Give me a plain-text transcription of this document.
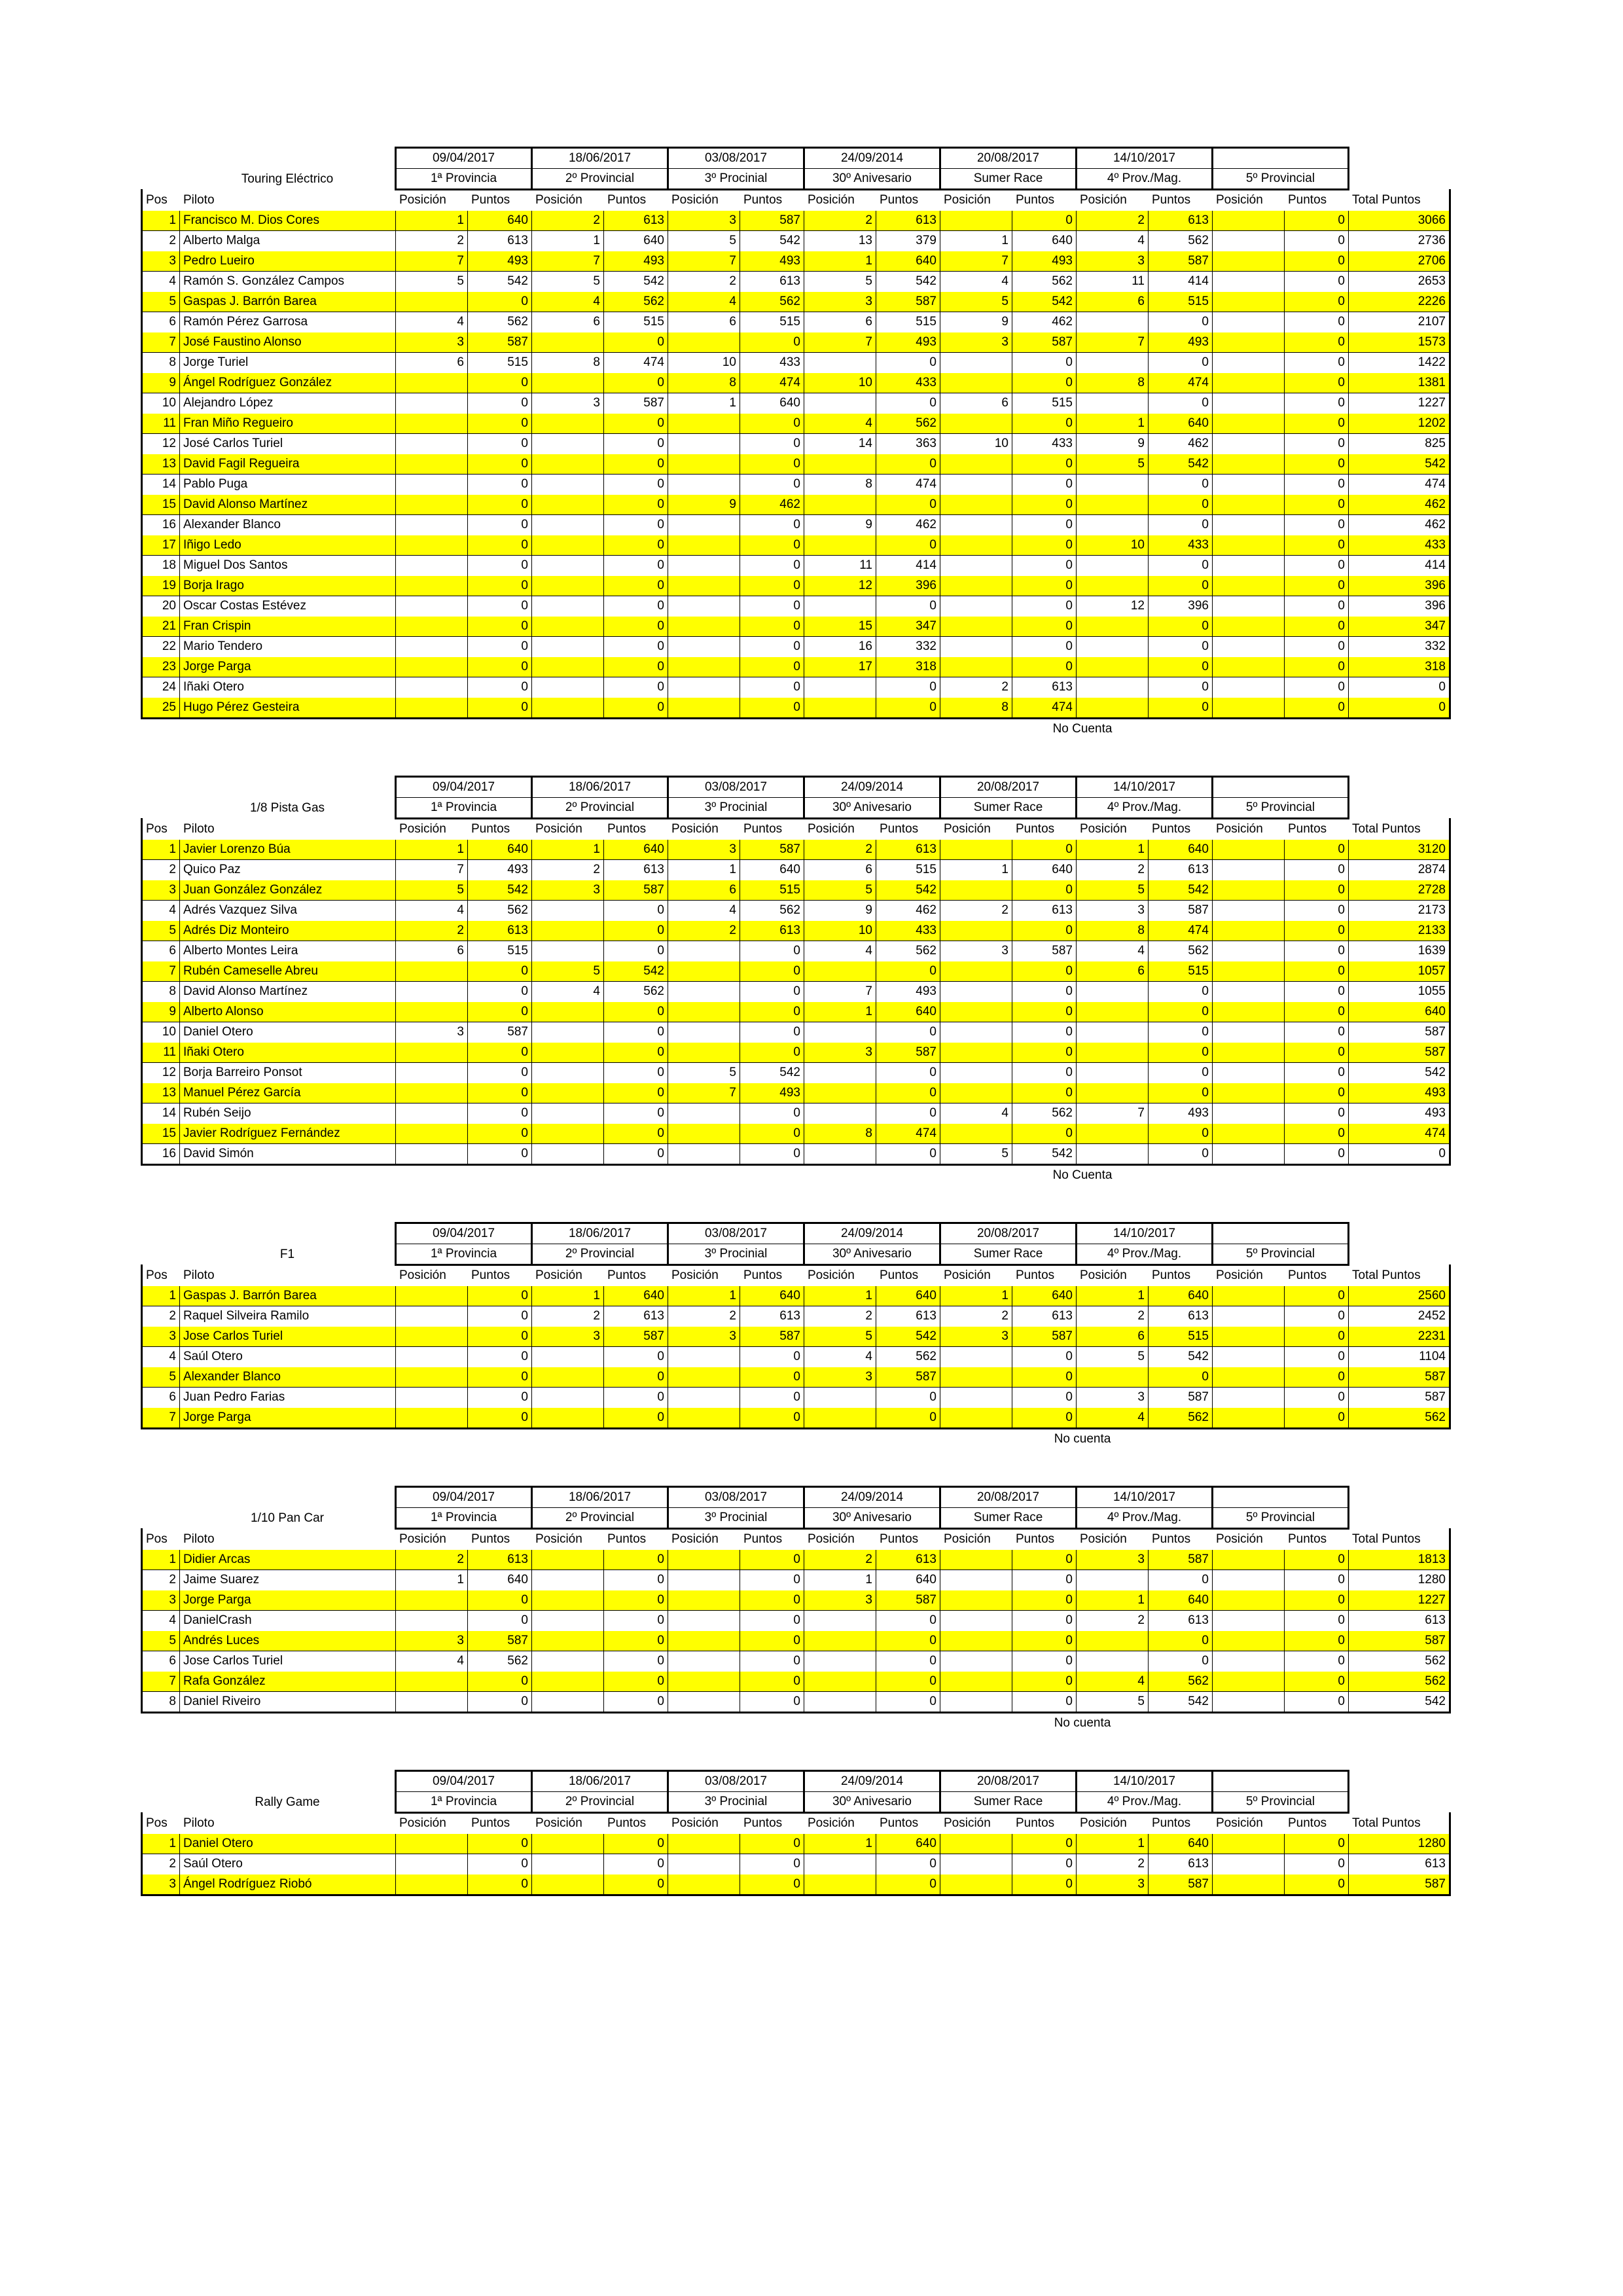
		09/04/2017		18/06/2017		03/08/2017		24/09/2014		20/08/2017		14/10/2017				
	Touring Eléctrico	1ª Provincia		2º Provincial		3º Procinial		30º Anivesario		Sumer Race		4º Prov./Mag.		5º Provincial		
Pos	Piloto	Posición	Puntos	Posición	Puntos	Posición	Puntos	Posición	Puntos	Posición	Puntos	Posición	Puntos	Posición	Puntos	Total Puntos
1	Francisco M. Dios Cores	1	640	2	613	3	587	2	613		0	2	613		0	3066
2	Alberto Malga	2	613	1	640	5	542	13	379	1	640	4	562		0	2736
3	Pedro Lueiro	7	493	7	493	7	493	1	640	7	493	3	587		0	2706
4	Ramón S. González Campos	5	542	5	542	2	613	5	542	4	562	11	414		0	2653
5	Gaspas J. Barrón Barea		0	4	562	4	562	3	587	5	542	6	515		0	2226
6	Ramón Pérez Garrosa	4	562	6	515	6	515	6	515	9	462		0		0	2107
7	José Faustino Alonso	3	587		0		0	7	493	3	587	7	493		0	1573
8	Jorge Turiel	6	515	8	474	10	433		0		0		0		0	1422
9	Ángel Rodríguez González		0		0	8	474	10	433		0	8	474		0	1381
10	Alejandro López		0	3	587	1	640		0	6	515		0		0	1227
11	Fran Miño Regueiro		0		0		0	4	562		0	1	640		0	1202
12	José Carlos Turiel		0		0		0	14	363	10	433	9	462		0	825
13	David Fagil Regueira		0		0		0		0		0	5	542		0	542
14	Pablo Puga		0		0		0	8	474		0		0		0	474
15	David Alonso Martínez		0		0	9	462		0		0		0		0	462
16	Alexander Blanco		0		0		0	9	462		0		0		0	462
17	Iñigo Ledo		0		0		0		0		0	10	433		0	433
18	Miguel Dos Santos		0		0		0	11	414		0		0		0	414
19	Borja Irago		0		0		0	12	396		0		0		0	396
20	Oscar Costas Estévez		0		0		0		0		0	12	396		0	396
21	Fran Crispin		0		0		0	15	347		0		0		0	347
22	Mario Tendero		0		0		0	16	332		0		0		0	332
23	Jorge Parga		0		0		0	17	318		0		0		0	318
24	Iñaki Otero		0		0		0		0	2	613		0		0	0
25	Hugo Pérez Gesteira		0		0		0		0	8	474		0		0	0
No Cuenta
		09/04/2017		18/06/2017		03/08/2017		24/09/2014		20/08/2017		14/10/2017				
	1/8 Pista Gas	1ª Provincia		2º Provincial		3º Procinial		30º Anivesario		Sumer Race		4º Prov./Mag.		5º Provincial		
Pos	Piloto	Posición	Puntos	Posición	Puntos	Posición	Puntos	Posición	Puntos	Posición	Puntos	Posición	Puntos	Posición	Puntos	Total Puntos
1	Javier Lorenzo Búa	1	640	1	640	3	587	2	613		0	1	640		0	3120
2	Quico Paz	7	493	2	613	1	640	6	515	1	640	2	613		0	2874
3	Juan González González	5	542	3	587	6	515	5	542		0	5	542		0	2728
4	Adrés Vazquez Silva	4	562		0	4	562	9	462	2	613	3	587		0	2173
5	Adrés Diz Monteiro	2	613		0	2	613	10	433		0	8	474		0	2133
6	Alberto Montes Leira	6	515		0		0	4	562	3	587	4	562		0	1639
7	Rubén Cameselle Abreu		0	5	542		0		0		0	6	515		0	1057
8	David Alonso Martínez		0	4	562		0	7	493		0		0		0	1055
9	Alberto Alonso		0		0		0	1	640		0		0		0	640
10	Daniel Otero	3	587		0		0		0		0		0		0	587
11	Iñaki Otero		0		0		0	3	587		0		0		0	587
12	Borja Barreiro Ponsot		0		0	5	542		0		0		0		0	542
13	Manuel Pérez García		0		0	7	493		0		0		0		0	493
14	Rubén Seijo		0		0		0		0	4	562	7	493		0	493
15	Javier Rodríguez Fernández		0		0		0	8	474		0		0		0	474
16	David Simón		0		0		0		0	5	542		0		0	0
No Cuenta
		09/04/2017		18/06/2017		03/08/2017		24/09/2014		20/08/2017		14/10/2017				
	F1	1ª Provincia		2º Provincial		3º Procinial		30º Anivesario		Sumer Race		4º Prov./Mag.		5º Provincial		
Pos	Piloto	Posición	Puntos	Posición	Puntos	Posición	Puntos	Posición	Puntos	Posición	Puntos	Posición	Puntos	Posición	Puntos	Total Puntos
1	Gaspas J. Barrón Barea		0	1	640	1	640	1	640	1	640	1	640		0	2560
2	Raquel Silveira Ramilo		0	2	613	2	613	2	613	2	613	2	613		0	2452
3	Jose Carlos Turiel		0	3	587	3	587	5	542	3	587	6	515		0	2231
4	Saúl Otero		0		0		0	4	562		0	5	542		0	1104
5	Alexander Blanco		0		0		0	3	587		0		0		0	587
6	Juan Pedro Farias		0		0		0		0		0	3	587		0	587
7	Jorge Parga		0		0		0		0		0	4	562		0	562
No cuenta
		09/04/2017		18/06/2017		03/08/2017		24/09/2014		20/08/2017		14/10/2017				
	1/10 Pan Car	1ª Provincia		2º Provincial		3º Procinial		30º Anivesario		Sumer Race		4º Prov./Mag.		5º Provincial		
Pos	Piloto	Posición	Puntos	Posición	Puntos	Posición	Puntos	Posición	Puntos	Posición	Puntos	Posición	Puntos	Posición	Puntos	Total Puntos
1	Didier Arcas	2	613		0		0	2	613		0	3	587		0	1813
2	Jaime Suarez	1	640		0		0	1	640		0		0		0	1280
3	Jorge Parga		0		0		0	3	587		0	1	640		0	1227
4	DanielCrash		0		0		0		0		0	2	613		0	613
5	Andrés Luces	3	587		0		0		0		0		0		0	587
6	Jose Carlos Turiel	4	562		0		0		0		0		0		0	562
7	Rafa González		0		0		0		0		0	4	562		0	562
8	Daniel Riveiro		0		0		0		0		0	5	542		0	542
No cuenta
		09/04/2017		18/06/2017		03/08/2017		24/09/2014		20/08/2017		14/10/2017				
	Rally Game	1ª Provincia		2º Provincial		3º Procinial		30º Anivesario		Sumer Race		4º Prov./Mag.		5º Provincial		
Pos	Piloto	Posición	Puntos	Posición	Puntos	Posición	Puntos	Posición	Puntos	Posición	Puntos	Posición	Puntos	Posición	Puntos	Total Puntos
1	Daniel Otero		0		0		0	1	640		0	1	640		0	1280
2	Saúl Otero		0		0		0		0		0	2	613		0	613
3	Ángel Rodríguez Riobó		0		0		0		0		0	3	587		0	587
